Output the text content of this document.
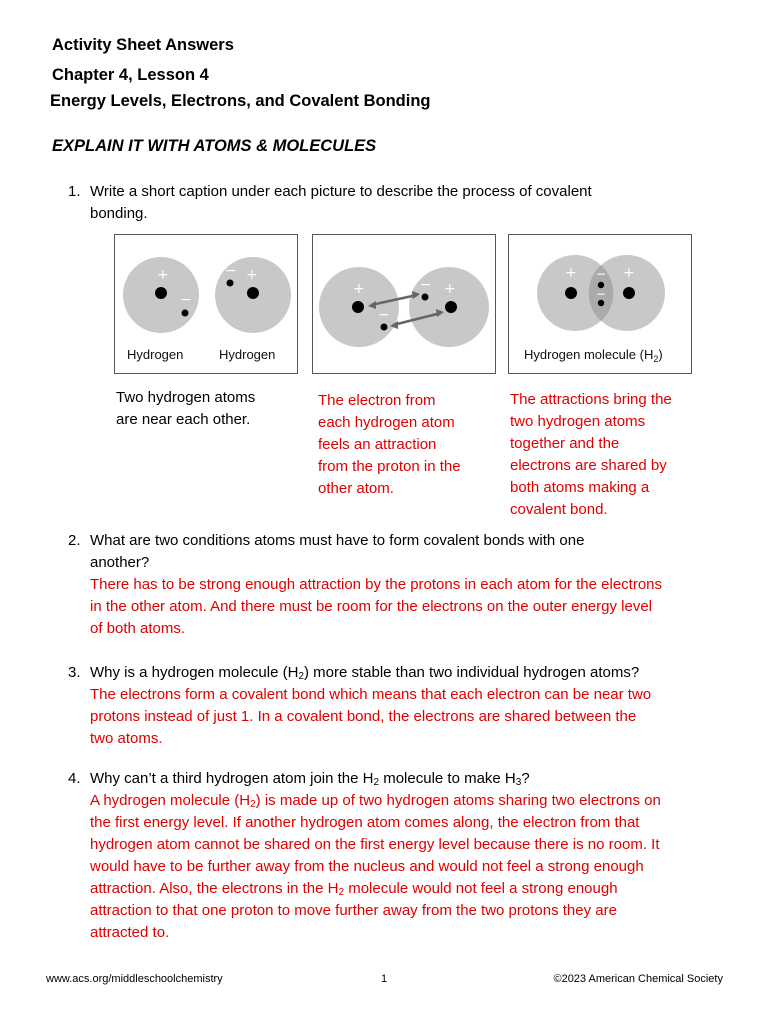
Activity Sheet Answers
Chapter 4, Lesson 4
Energy Levels, Electrons, and Covalent Bonding
EXPLAIN IT WITH ATOMS & MOLECULES
1. Write a short caption under each picture to describe the process of covalent
bonding.
+
−
− +
Hydrogen	Hydrogen
+
−
− +
+	+
−
−
Hydrogen molecule $(H_2)$
Two hydrogen atoms
are near each other.
The electron from
each hydrogen atom
feels an attraction
from the proton in the
other atom.
The attractions bring the
two hydrogen atoms
together and the
electrons are shared by
both atoms making a
covalent bond.
2. What are two conditions atoms must have to form covalent bonds with one
another?
There has to be strong enough attraction by the protons in each atom for the electrons
in the other atom. And there must be room for the electrons on the outer energy level
of both atoms.
3. Why is a hydrogen molecule $(H_2)$ more stable than two individual hydrogen atoms?
The electrons form a covalent bond which means that each electron can be near two
protons instead of just 1. In a covalent bond, the electrons are shared between the
two atoms.
4. Why can’t a third hydrogen atom join the $H_2$ molecule to make $H_3$?
A hydrogen molecule $(H_2)$ is made up of two hydrogen atoms sharing two electrons on
the first energy level. If another hydrogen atom comes along, the electron from that
hydrogen atom cannot be shared on the first energy level because there is no room. It
would have to be further away from the nucleus and would not feel a strong enough
attraction. Also, the electrons in the $H_2$ molecule would not feel a strong enough
attraction to that one proton to move further away from the two protons they are
attracted to.
www.acs.org/middleschoolchemistry	1	©2023 American Chemical Society
